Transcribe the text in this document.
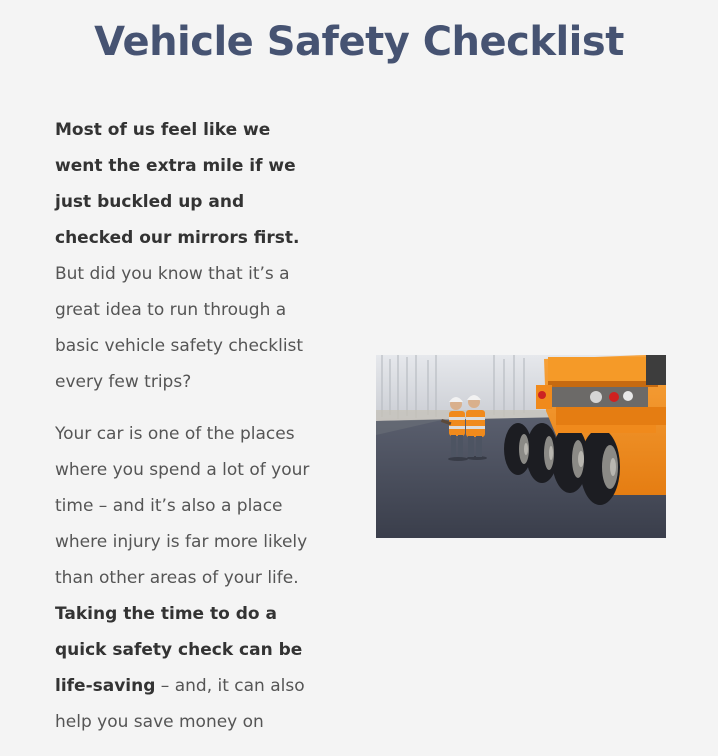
Vehicle Safety Checklist

Most of us feel like we went the extra mile if we just buckled up and checked our mirrors first. But did you know that it’s a great idea to run through a basic vehicle safety checklist every few trips?

Your car is one of the places where you spend a lot of your time – and it’s also a place where injury is far more likely than other areas of your life. Taking the time to do a quick safety check can be life-saving – and, it can also help you save money on
